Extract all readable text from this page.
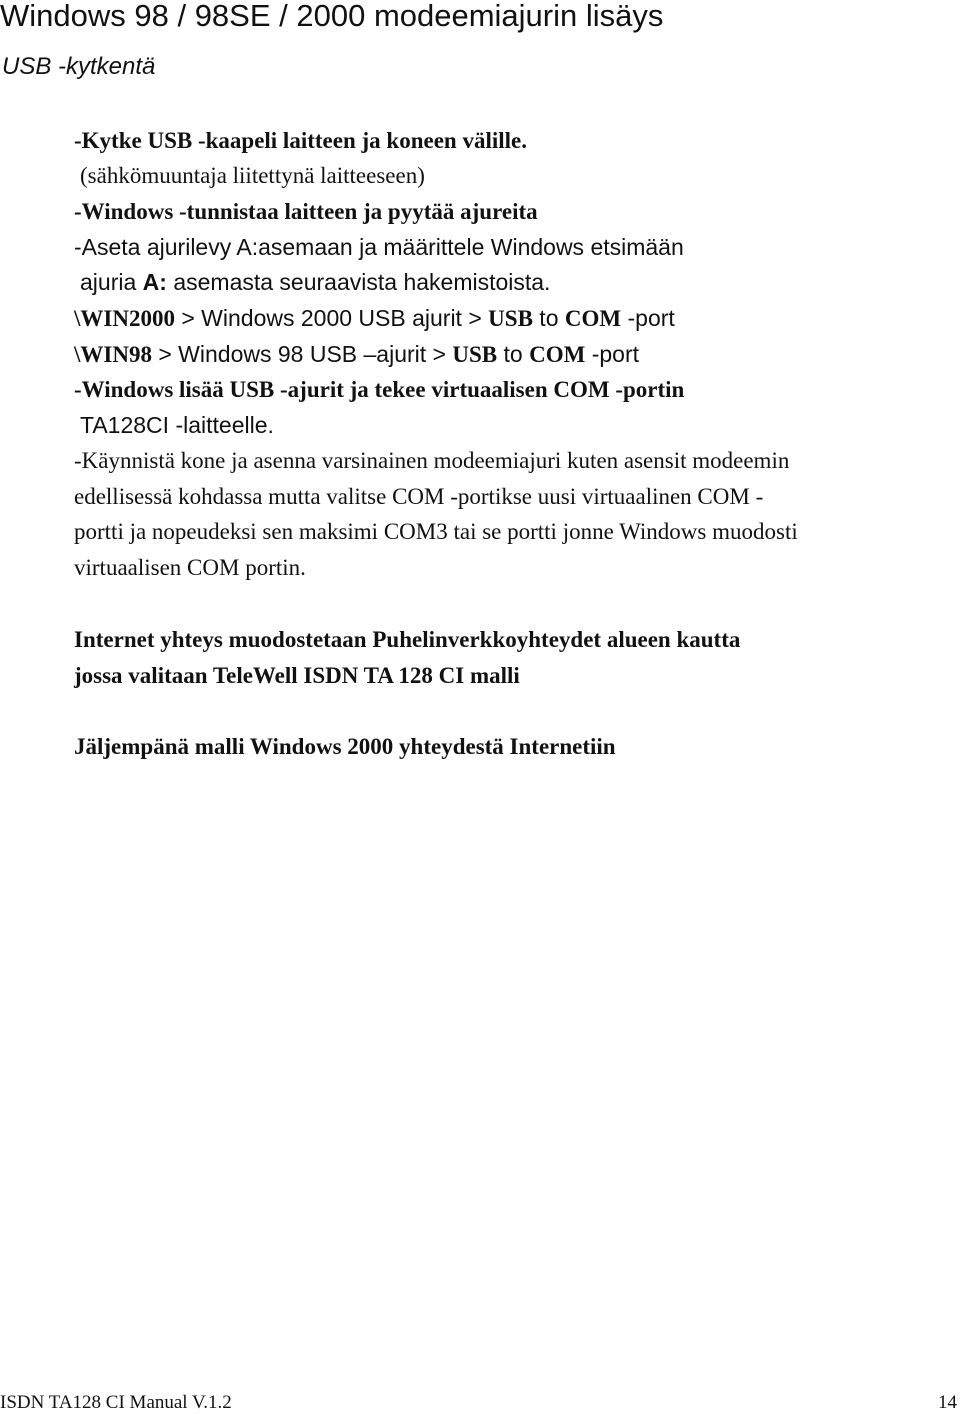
Windows 98 / 98SE / 2000 modeemiajurin lisäys
USB -kytkentä
-Kytke USB -kaapeli laitteen ja koneen välille.
(sähkömuuntaja liitettynä laitteeseen)
-Windows -tunnistaa laitteen ja pyytää ajureita
-Aseta ajurilevy A:asemaan ja määrittele Windows etsimään
ajuria A: asemasta seuraavista hakemistoista.
\WIN2000 > Windows 2000 USB ajurit > USB to COM -port
\WIN98 > Windows 98 USB –ajurit > USB to COM -port
-Windows lisää USB -ajurit ja tekee virtuaalisen COM -portin
TA128CI -laitteelle.
-Käynnistä kone ja asenna varsinainen modeemiajuri kuten asensit modeemin
edellisessä kohdassa mutta valitse COM -portikse uusi virtuaalinen COM -
portti ja nopeudeksi sen maksimi COM3 tai se portti jonne Windows muodosti
virtuaalisen COM portin.
Internet yhteys muodostetaan Puhelinverkkoyhteydet alueen kautta
jossa valitaan TeleWell ISDN TA 128 CI malli
Jäljempänä malli Windows 2000 yhteydestä Internetiin
ISDN TA128 CI Manual V.1.2	14
